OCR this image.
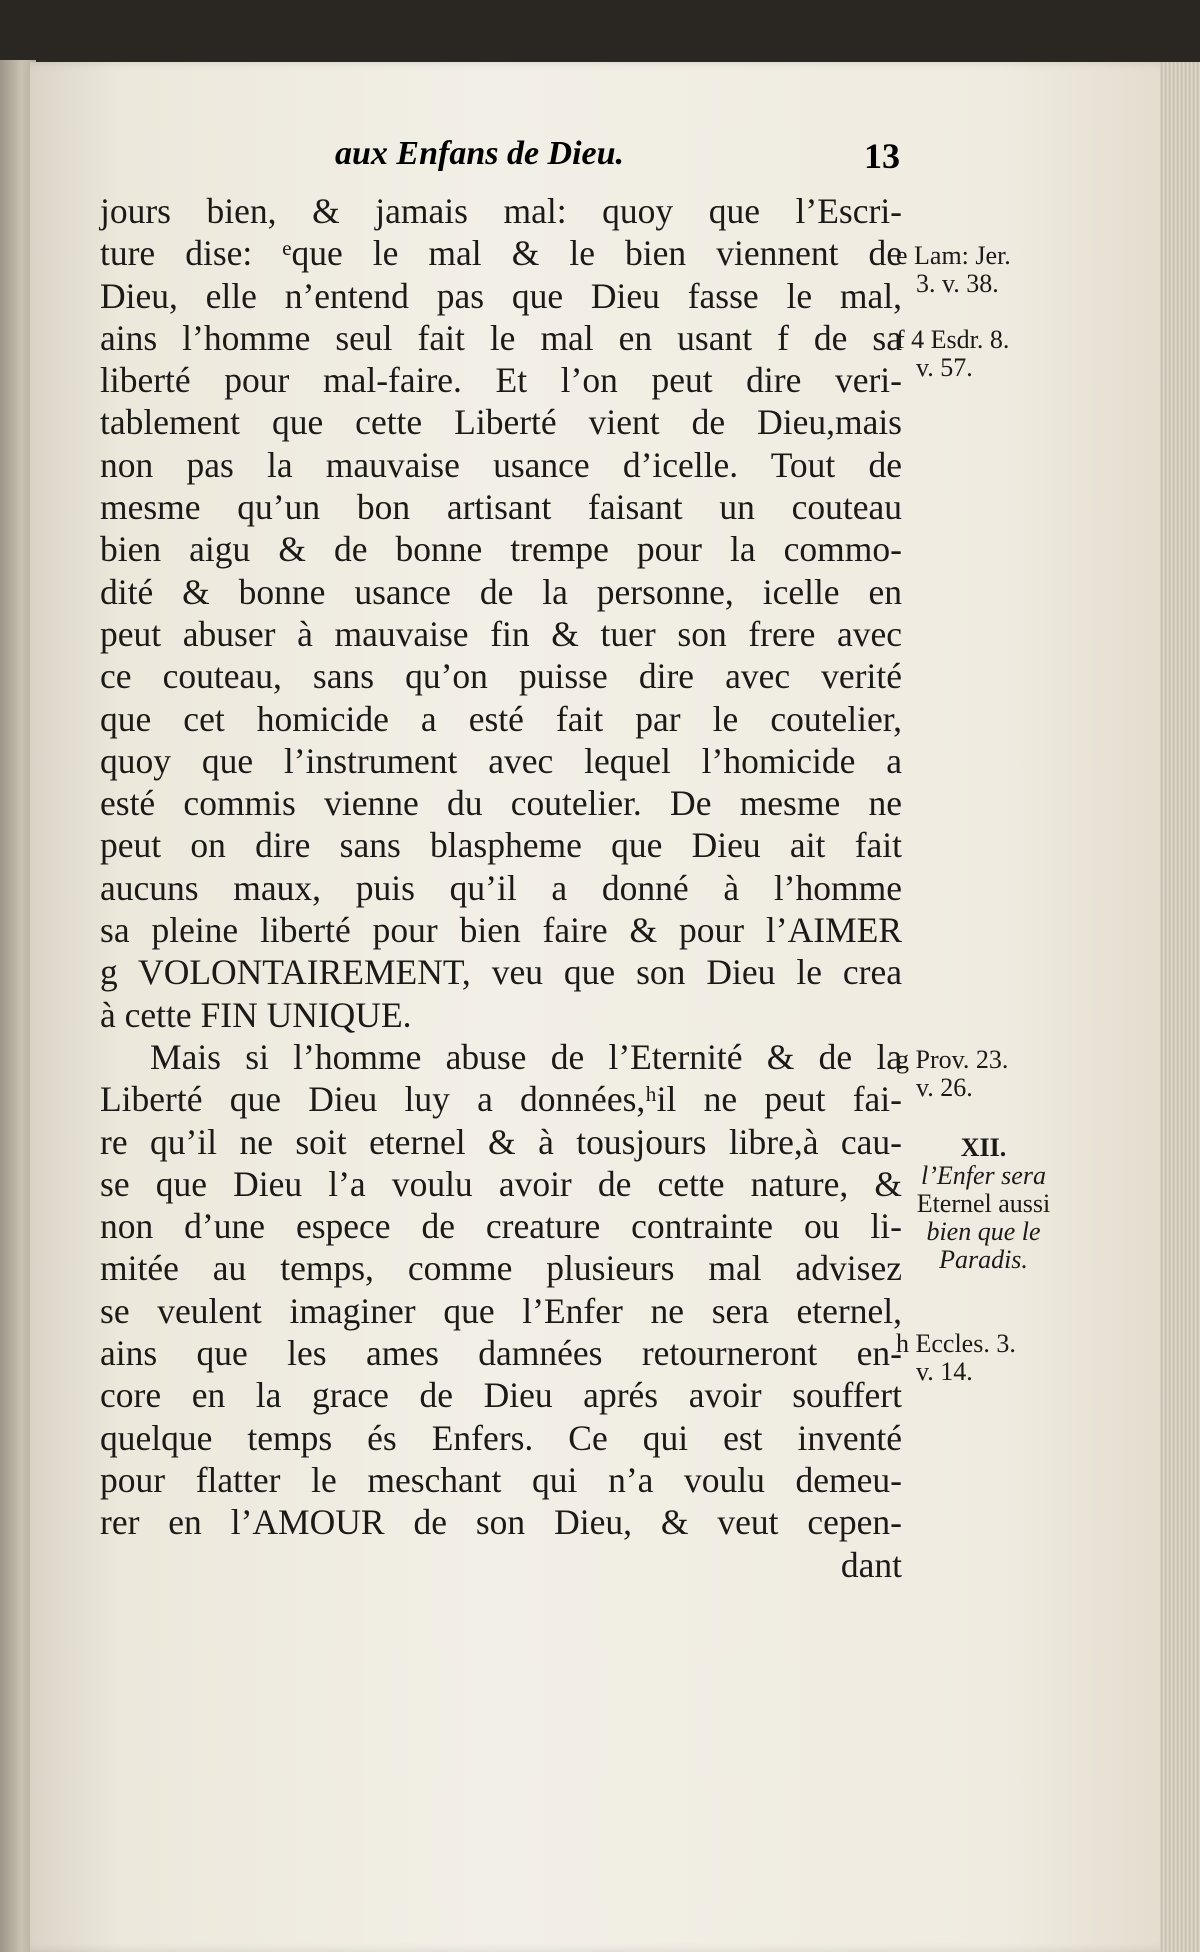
aux Enfans de Dieu.	13
jours bien, & jamais mal: quoy que l’Escri-
ture dise: ᵉque le mal & le bien viennent de
Dieu, elle n’entend pas que Dieu fasse le mal,
ains l’homme seul fait le mal en usant f de sa
liberté pour mal-faire. Et l’on peut dire veri-
tablement que cette Liberté vient de Dieu,mais
non pas la mauvaise usance d’icelle. Tout de
mesme qu’un bon artisant faisant un couteau
bien aigu & de bonne trempe pour la commo-
dité & bonne usance de la personne, icelle en
peut abuser à mauvaise fin & tuer son frere avec
ce couteau, sans qu’on puisse dire avec verité
que cet homicide a esté fait par le coutelier,
quoy que l’instrument avec lequel l’homicide a
esté commis vienne du coutelier. De mesme ne
peut on dire sans blaspheme que Dieu ait fait
aucuns maux, puis qu’il a donné à l’homme
sa pleine liberté pour bien faire & pour l’AIMER
g VOLONTAIREMENT, veu que son Dieu le crea
à cette FIN UNIQUE.
Mais si l’homme abuse de l’Eternité & de la
Liberté que Dieu luy a données,ʰil ne peut fai-
re qu’il ne soit eternel & à tousjours libre,à cau-
se que Dieu l’a voulu avoir de cette nature, &
non d’une espece de creature contrainte ou li-
mitée au temps, comme plusieurs mal advisez
se veulent imaginer que l’Enfer ne sera eternel,
ains que les ames damnées retourneront en-
core en la grace de Dieu aprés avoir souffert
quelque temps és Enfers. Ce qui est inventé
pour flatter le meschant qui n’a voulu demeu-
rer en l’AMOUR de son Dieu, & veut cepen-
dant
e Lam: Jer.
3. v. 38.
f 4 Esdr. 8.
v. 57.
g Prov. 23.
v. 26.
XII.
l’Enfer sera
Eternel aussi
bien que le
Paradis.
h Eccles. 3.
v. 14.
